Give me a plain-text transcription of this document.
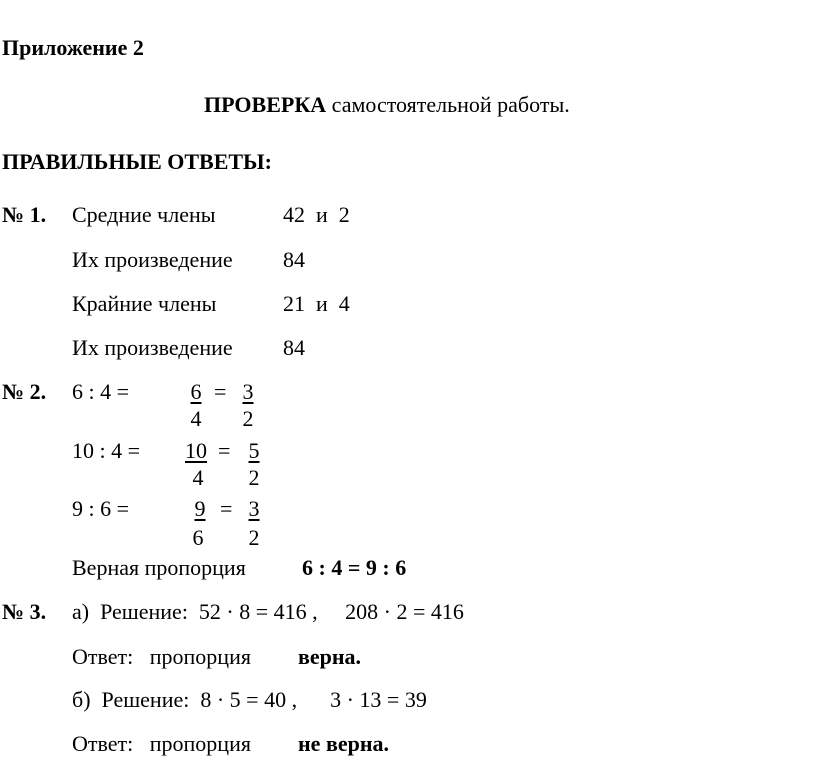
Приложение 2
ПРОВЕРКА самостоятельной работы.
ПРАВИЛЬНЫЕ ОТВЕТЫ:
№ 1. Средние члены	42  и  2
Их произведение 84
Крайние члены	21  и  4
Их произведение 84
№ 2. 6 : 4 =	6 = 3
4	2
10 : 4 = 10 = 5
4	2
9 : 6 =	9 = 3
6	2
Верная пропорция	6 : 4 = 9 : 6
№ 3. а)  Решение:  52 · 8 = 416 ,     208 · 2 = 416
Ответ:   пропорция верна.
б)  Решение:  8 · 5 = 40 ,      3 · 13 = 39
Ответ:   пропорция не верна.
